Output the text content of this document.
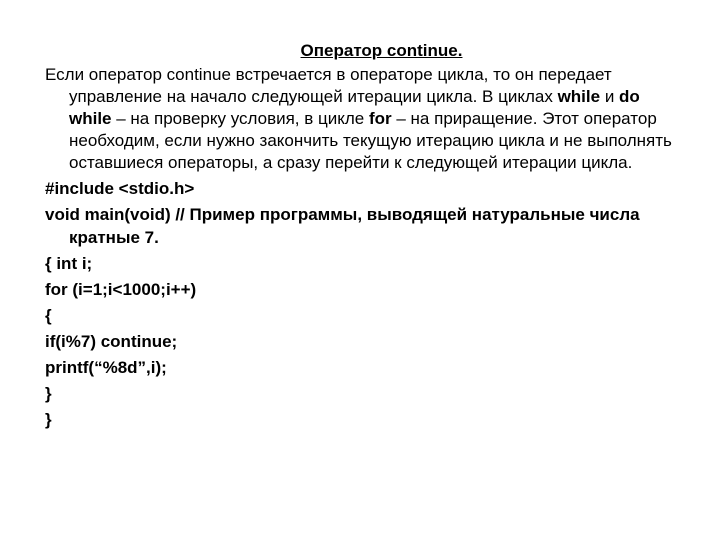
Оператор continue.

Если оператор continue встречается в операторе цикла, то он передает управление на начало следующей итерации цикла. В циклах while и do while – на проверку условия, в цикле for – на приращение. Этот оператор необходим, если нужно закончить текущую итерацию цикла и не выполнять оставшиеся операторы, а сразу перейти к следующей итерации цикла.

#include <stdio.h>
void main(void) // Пример программы, выводящей натуральные числа кратные 7.
{ int i;
for (i=1;i<1000;i++)
{
if(i%7) continue;
printf(“%8d”,i);
}
}
